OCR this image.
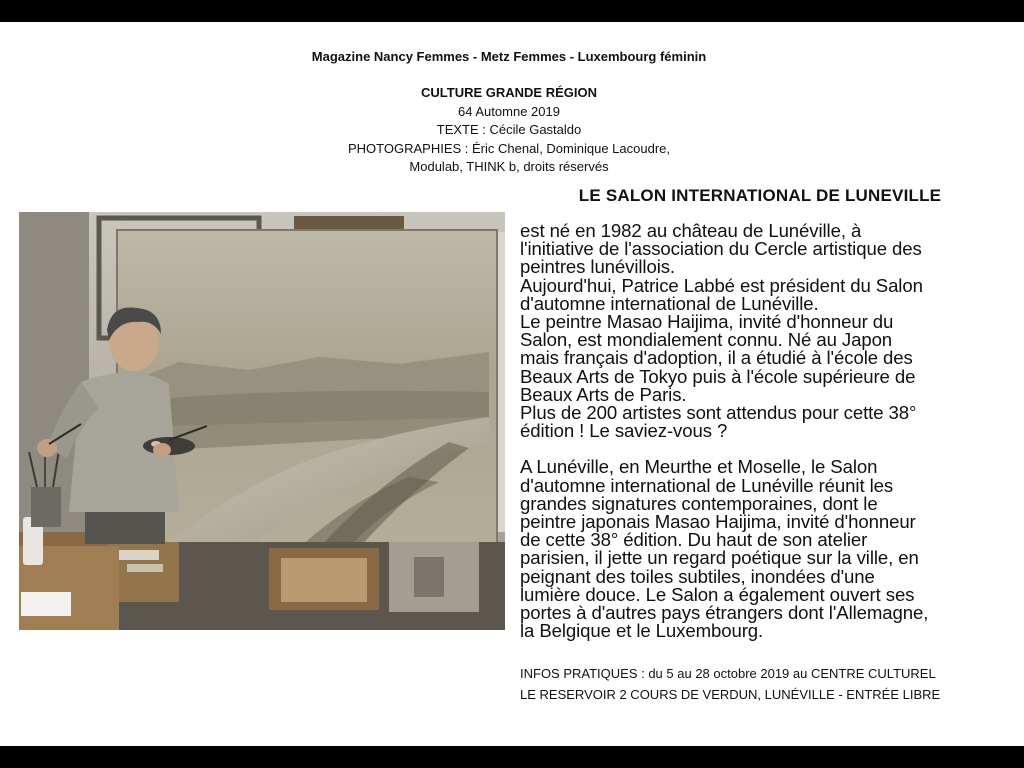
Magazine Nancy Femmes - Metz Femmes - Luxembourg féminin
CULTURE GRANDE RÉGION
64 Automne 2019
TEXTE : Cécile Gastaldo
PHOTOGRAPHIES : Éric Chenal, Dominique Lacoudre,
Modulab, THINK b, droits réservés
LE SALON INTERNATIONAL DE LUNEVILLE

est né en 1982 au château de Lunéville, à

l'initiative de l'association du Cercle artistique des

peintres lunévillois.

Aujourd'hui, Patrice Labbé est président du Salon

d'automne international de Lunéville.

Le peintre Masao Haijima, invité d'honneur du

Salon, est mondialement connu. Né au Japon

mais français d'adoption, il a étudié à l'école des

Beaux Arts de Tokyo puis à l'école supérieure de

Beaux Arts de Paris.

Plus de 200 artistes sont attendus pour cette 38°

édition ! Le saviez-vous ?

A Lunéville, en Meurthe et Moselle, le Salon

d'automne international de Lunéville réunit les

grandes signatures contemporaines, dont le

peintre japonais Masao Haijima, invité d'honneur

de cette 38° édition. Du haut de son atelier

parisien, il jette un regard poétique sur la ville, en

peignant des toiles subtiles, inondées d'une

lumière douce. Le Salon a également ouvert ses

portes à d'autres pays étrangers dont l'Allemagne,

la Belgique et le Luxembourg.

INFOS PRATIQUES : du 5 au 28 octobre 2019 au CENTRE CULTUREL

LE RESERVOIR 2 COURS DE VERDUN, LUNÉVILLE - ENTRÉE LIBRE
